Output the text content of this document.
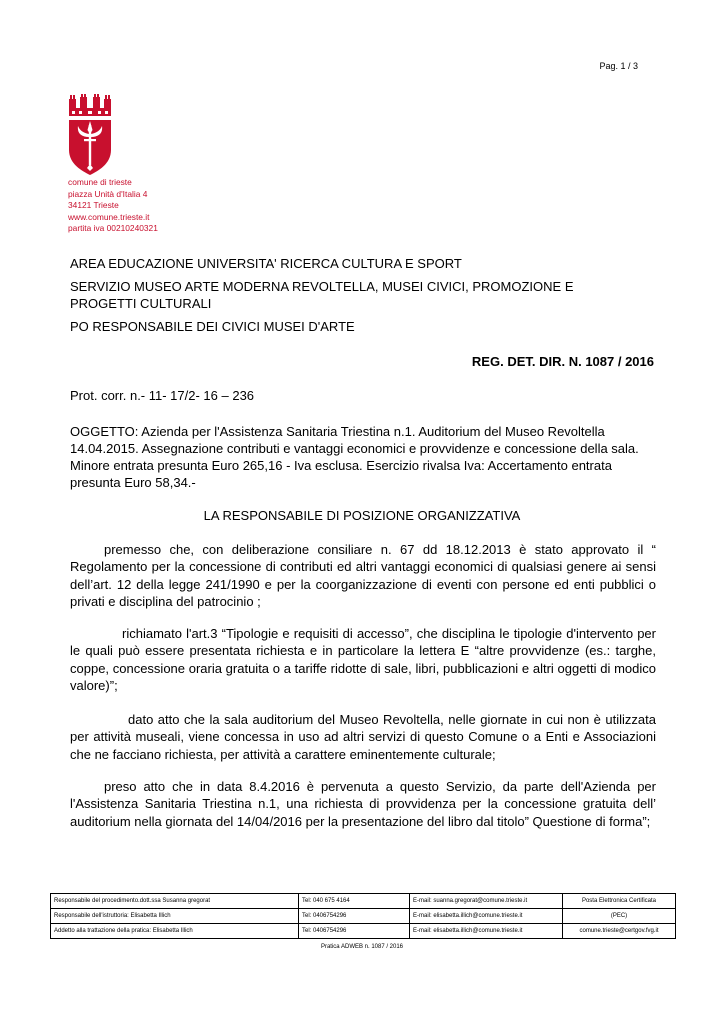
Pag. 1 / 3
comune di trieste
piazza Unità d'Italia 4
34121 Trieste
www.comune.trieste.it
partita iva 00210240321
AREA EDUCAZIONE UNIVERSITA' RICERCA CULTURA E SPORT
SERVIZIO MUSEO ARTE MODERNA REVOLTELLA, MUSEI CIVICI, PROMOZIONE E PROGETTI CULTURALI
PO RESPONSABILE DEI CIVICI MUSEI D'ARTE
REG. DET. DIR. N. 1087 / 2016
Prot. corr. n.- 11- 17/2- 16 – 236
OGGETTO: Azienda per l'Assistenza Sanitaria Triestina n.1. Auditorium del Museo Revoltella 14.04.2015. Assegnazione contributi e vantaggi economici e provvidenze e concessione della sala. Minore entrata presunta Euro 265,16 - Iva esclusa. Esercizio rivalsa Iva: Accertamento entrata presunta Euro 58,34.-
LA RESPONSABILE DI POSIZIONE ORGANIZZATIVA
premesso che, con deliberazione consiliare n. 67 dd 18.12.2013 è stato approvato il “ Regolamento per la concessione di contributi ed altri vantaggi economici di qualsiasi genere ai sensi dell’art. 12 della legge 241/1990 e per la coorganizzazione di eventi con persone ed enti pubblici o privati e disciplina del patrocinio ;
richiamato l'art.3 “Tipologie e requisiti di accesso”, che disciplina le tipologie d'intervento per le quali può essere presentata richiesta e in particolare la lettera E “altre provvidenze (es.: targhe, coppe, concessione oraria gratuita o a tariffe ridotte di sale, libri, pubblicazioni e altri oggetti di modico valore)”;
dato atto che la sala auditorium del Museo Revoltella, nelle giornate in cui non è utilizzata per attività museali, viene concessa in uso ad altri servizi di questo Comune o a Enti e Associazioni che ne facciano richiesta, per attività a carattere eminentemente culturale;
preso atto che in data 8.4.2016 è pervenuta a questo Servizio, da parte dell'Azienda per l'Assistenza Sanitaria Triestina n.1, una richiesta di provvidenza per la concessione gratuita dell’ auditorium nella giornata del 14/04/2016 per la presentazione del libro dal titolo” Questione di forma”;
Responsabile del procedimento.dott.ssa Susanna gregorat	Tel: 040 675 4164	E-mail: suanna.gregorat@comune.trieste.it	Posta Elettronica Certificata
Responsabile dell'istruttoria: Elisabetta Illich	Tel: 0406754296	E-mail: elisabetta.illich@comune.trieste.it	(PEC)
Addetto alla trattazione della pratica: Elisabetta Illich	Tel: 0406754296	E-mail: elisabetta.illich@comune.trieste.it	comune.trieste@certgov.fvg.it
Pratica ADWEB n. 1087 / 2016
